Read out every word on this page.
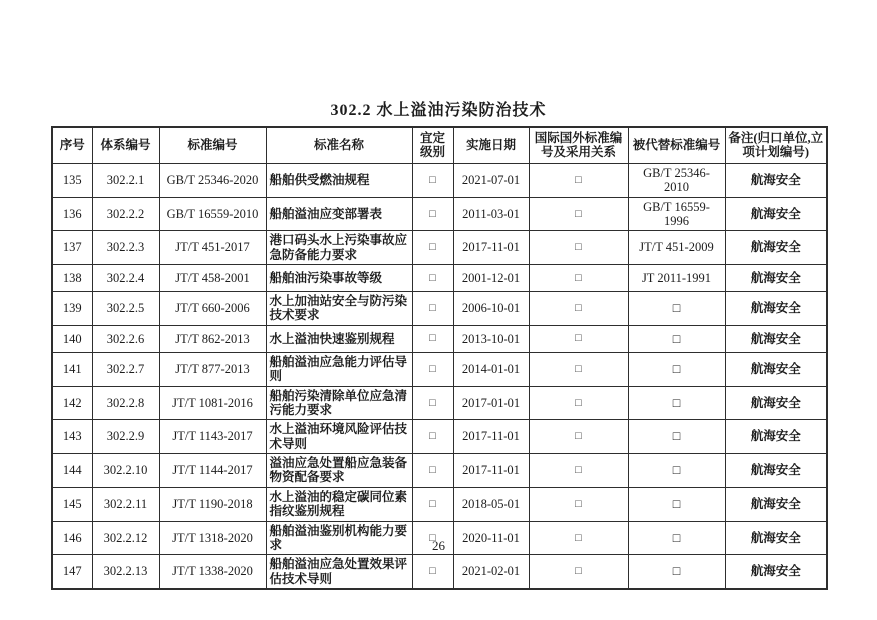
302.2 水上溢油污染防治技术
序号	体系编号	标准编号	标准名称	宜定级别	实施日期	国际国外标准编号及采用关系	被代替标准编号	备注(归口单位,立项计划编号)
135	302.2.1	GB/T 25346-2020	船舶供受燃油规程	□	2021-07-01	□	GB/T 25346-2010	航海安全
136	302.2.2	GB/T 16559-2010	船舶溢油应变部署表	□	2011-03-01	□	GB/T 16559-1996	航海安全
137	302.2.3	JT/T 451-2017	港口码头水上污染事故应急防备能力要求	□	2017-11-01	□	JT/T 451-2009	航海安全
138	302.2.4	JT/T 458-2001	船舶油污染事故等级	□	2001-12-01	□	JT 2011-1991	航海安全
139	302.2.5	JT/T 660-2006	水上加油站安全与防污染技术要求	□	2006-10-01	□	□	航海安全
140	302.2.6	JT/T 862-2013	水上溢油快速鉴别规程	□	2013-10-01	□	□	航海安全
141	302.2.7	JT/T 877-2013	船舶溢油应急能力评估导则	□	2014-01-01	□	□	航海安全
142	302.2.8	JT/T 1081-2016	船舶污染清除单位应急清污能力要求	□	2017-01-01	□	□	航海安全
143	302.2.9	JT/T 1143-2017	水上溢油环境风险评估技术导则	□	2017-11-01	□	□	航海安全
144	302.2.10	JT/T 1144-2017	溢油应急处置船应急装备物资配备要求	□	2017-11-01	□	□	航海安全
145	302.2.11	JT/T 1190-2018	水上溢油的稳定碳同位素指纹鉴别规程	□	2018-05-01	□	□	航海安全
146	302.2.12	JT/T 1318-2020	船舶溢油鉴别机构能力要求	□	2020-11-01	□	□	航海安全
147	302.2.13	JT/T 1338-2020	船舶溢油应急处置效果评估技术导则	□	2021-02-01	□	□	航海安全
26
